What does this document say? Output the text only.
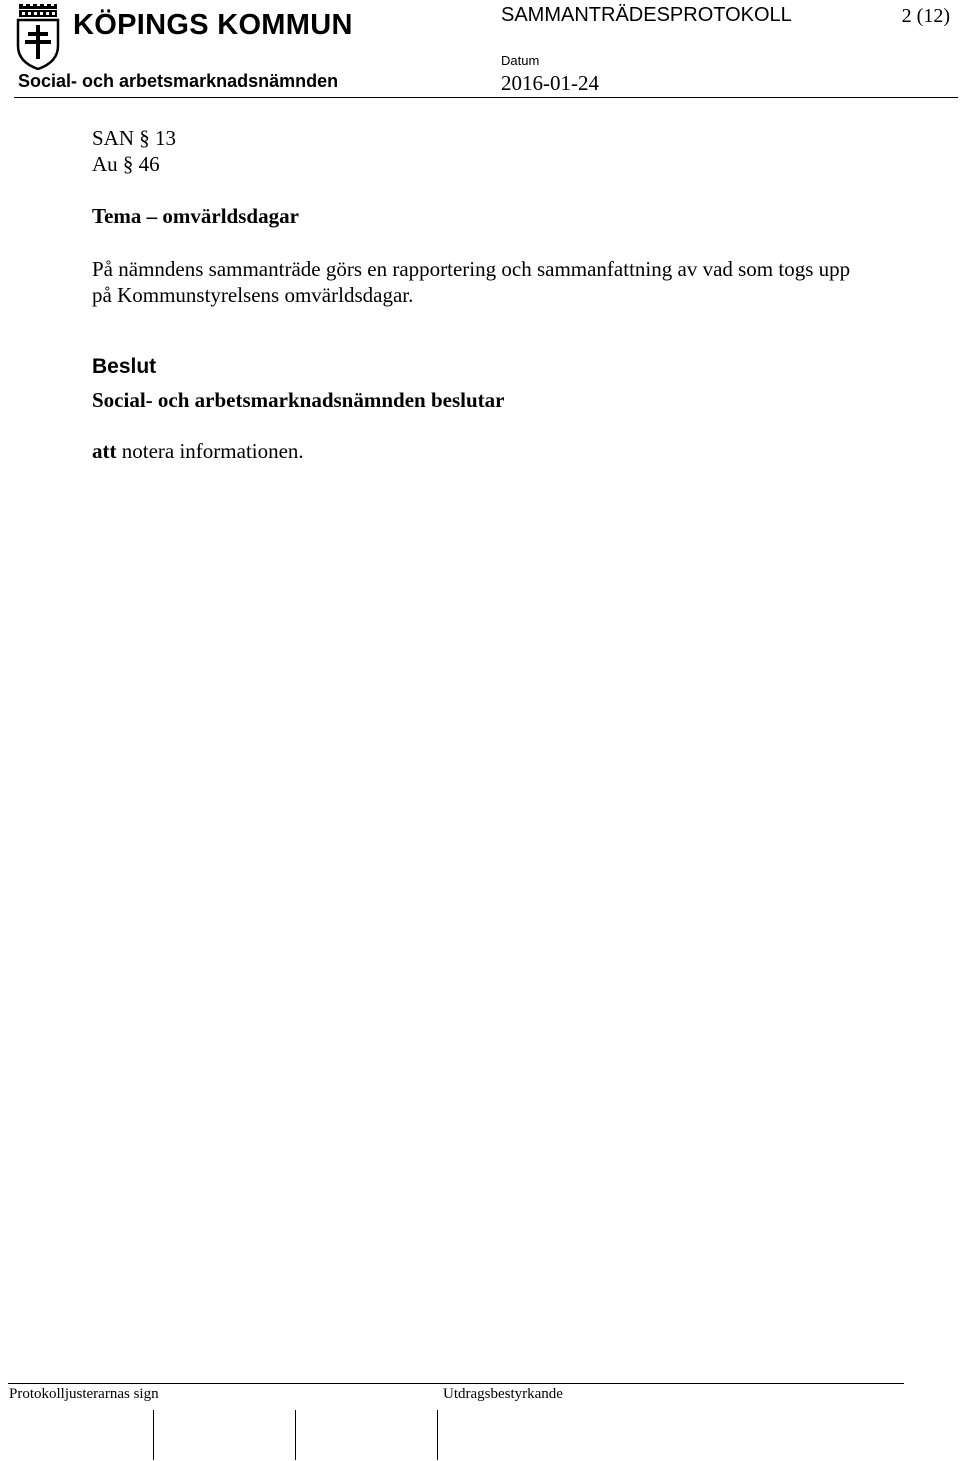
KÖPINGS KOMMUN
Social- och arbetsmarknadsnämnden
SAMMANTRÄDESPROTOKOLL	2 (12)
Datum
2016-01-24
SAN § 13
Au § 46
Tema – omvärldsdagar
På nämndens sammanträde görs en rapportering och sammanfattning av vad som togs upp på Kommunstyrelsens omvärldsdagar.
Beslut
Social- och arbetsmarknadsnämnden beslutar
att notera informationen.
Protokolljusterarnas sign	Utdragsbestyrkande
